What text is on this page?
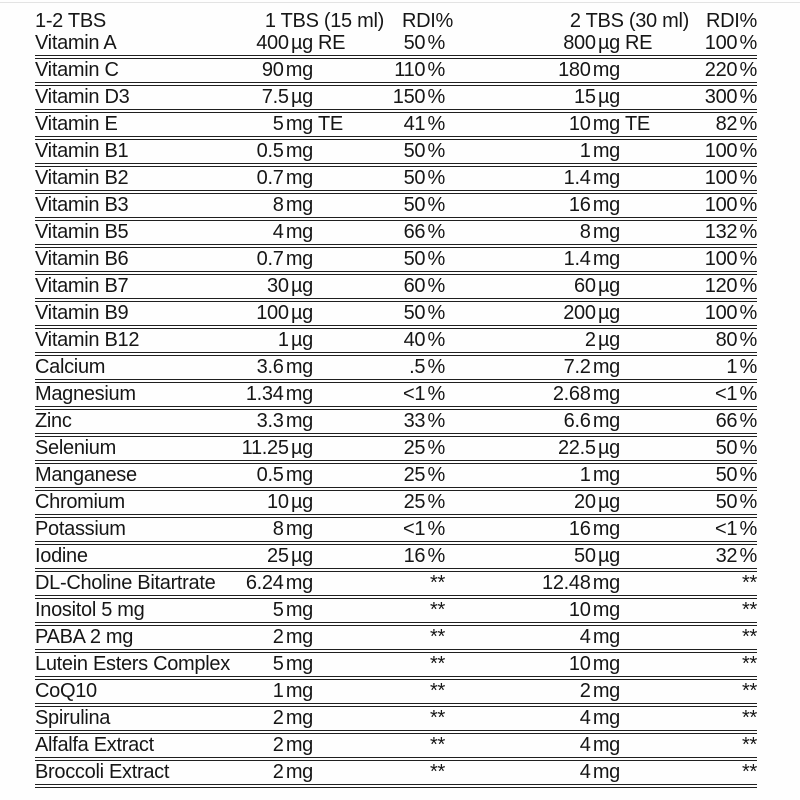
1-2 TBS	1 TBS (15 ml)	RDI%	2 TBS (30 ml)	RDI%
Vitamin A	400 µg RE	50 %	800 µg RE	100 %
Vitamin C	90 mg	110 %	180 mg	220 %
Vitamin D3	7.5 µg	150 %	15 µg	300 %
Vitamin E	5 mg TE	41 %	10 mg TE	82 %
Vitamin B1	0.5 mg	50 %	1 mg	100 %
Vitamin B2	0.7 mg	50 %	1.4 mg	100 %
Vitamin B3	8 mg	50 %	16 mg	100 %
Vitamin B5	4 mg	66 %	8 mg	132 %
Vitamin B6	0.7 mg	50 %	1.4 mg	100 %
Vitamin B7	30 µg	60 %	60 µg	120 %
Vitamin B9	100 µg	50 %	200 µg	100 %
Vitamin B12	1 µg	40 %	2 µg	80 %
Calcium	3.6 mg	.5 %	7.2 mg	1 %
Magnesium	1.34 mg	<1 %	2.68 mg	<1 %
Zinc	3.3 mg	33 %	6.6 mg	66 %
Selenium	11.25 µg	25 %	22.5 µg	50 %
Manganese	0.5 mg	25 %	1 mg	50 %
Chromium	10 µg	25 %	20 µg	50 %
Potassium	8 mg	<1 %	16 mg	<1 %
Iodine	25 µg	16 %	50 µg	32 %
DL-Choline Bitartrate	6.24 mg	**	12.48 mg	**
Inositol 5 mg	5 mg	**	10 mg	**
PABA 2 mg	2 mg	**	4 mg	**
Lutein Esters Complex	5 mg	**	10 mg	**
CoQ10	1 mg	**	2 mg	**
Spirulina	2 mg	**	4 mg	**
Alfalfa Extract	2 mg	**	4 mg	**
Broccoli Extract	2 mg	**	4 mg	**
